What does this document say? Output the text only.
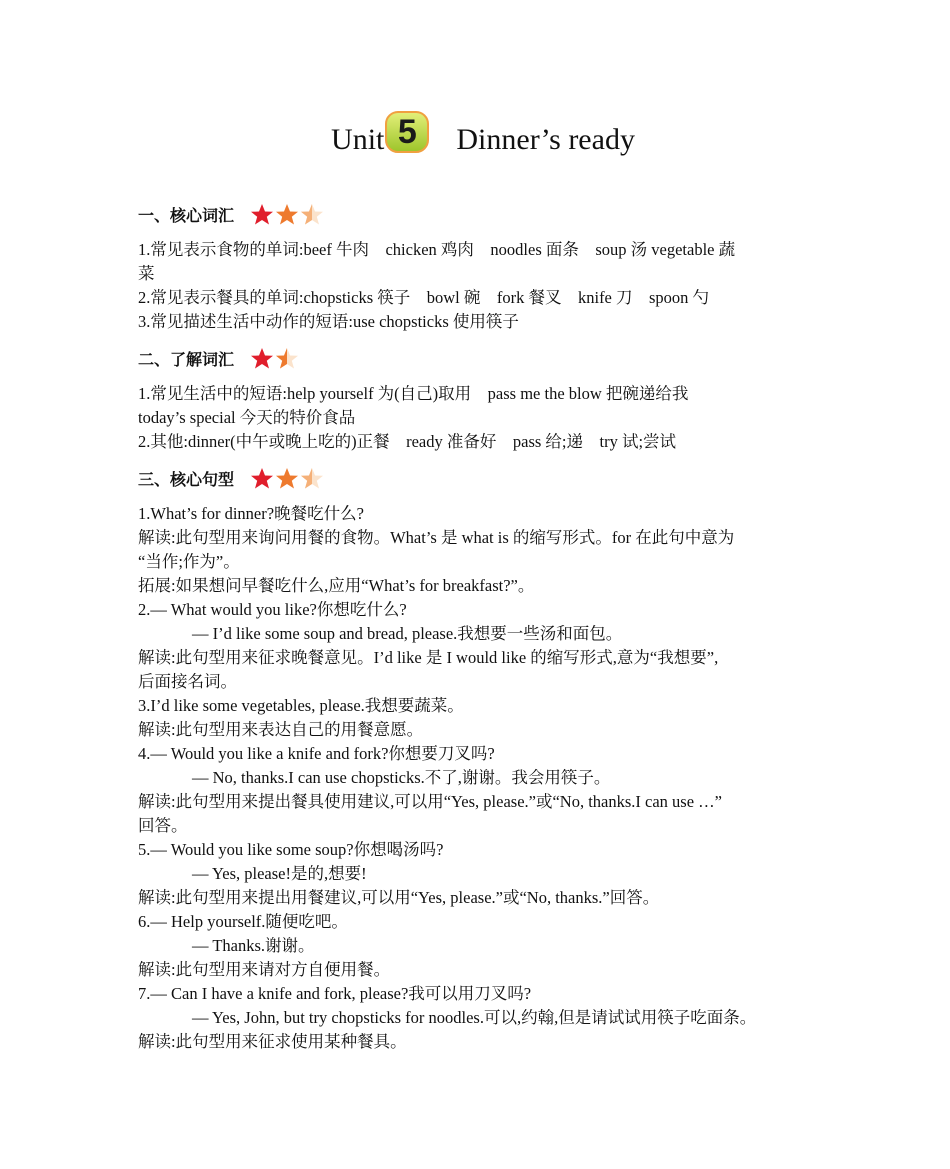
Unit 5	Dinner’s ready
一、核心词汇
1.常见表示食物的单词:beef 牛肉　chicken 鸡肉　noodles 面条　soup 汤 vegetable 蔬
菜
2.常见表示餐具的单词:chopsticks 筷子　bowl 碗　fork 餐叉　knife 刀　spoon 勺
3.常见描述生活中动作的短语:use chopsticks 使用筷子
二、了解词汇
1.常见生活中的短语:help yourself 为(自己)取用　pass me the blow 把碗递给我
today’s special 今天的特价食品
2.其他:dinner(中午或晚上吃的)正餐　ready 准备好　pass 给;递　try 试;尝试
三、核心句型
1.What’s for dinner?晚餐吃什么?
解读:此句型用来询问用餐的食物。What’s 是 what is 的缩写形式。for 在此句中意为
“当作;作为”。
拓展:如果想问早餐吃什么,应用“What’s for breakfast?”。
2.— What would you like?你想吃什么?
— I’d like some soup and bread, please.我想要一些汤和面包。
解读:此句型用来征求晚餐意见。I’d like 是 I would like 的缩写形式,意为“我想要”,
后面接名词。
3.I’d like some vegetables, please.我想要蔬菜。
解读:此句型用来表达自己的用餐意愿。
4.— Would you like a knife and fork?你想要刀叉吗?
— No, thanks.I can use chopsticks.不了,谢谢。我会用筷子。
解读:此句型用来提出餐具使用建议,可以用“Yes, please.”或“No, thanks.I can use …”
回答。
5.— Would you like some soup?你想喝汤吗?
— Yes, please!是的,想要!
解读:此句型用来提出用餐建议,可以用“Yes, please.”或“No, thanks.”回答。
6.— Help yourself.随便吃吧。
— Thanks.谢谢。
解读:此句型用来请对方自便用餐。
7.— Can I have a knife and fork, please?我可以用刀叉吗?
— Yes, John, but try chopsticks for noodles.可以,约翰,但是请试试用筷子吃面条。
解读:此句型用来征求使用某种餐具。
